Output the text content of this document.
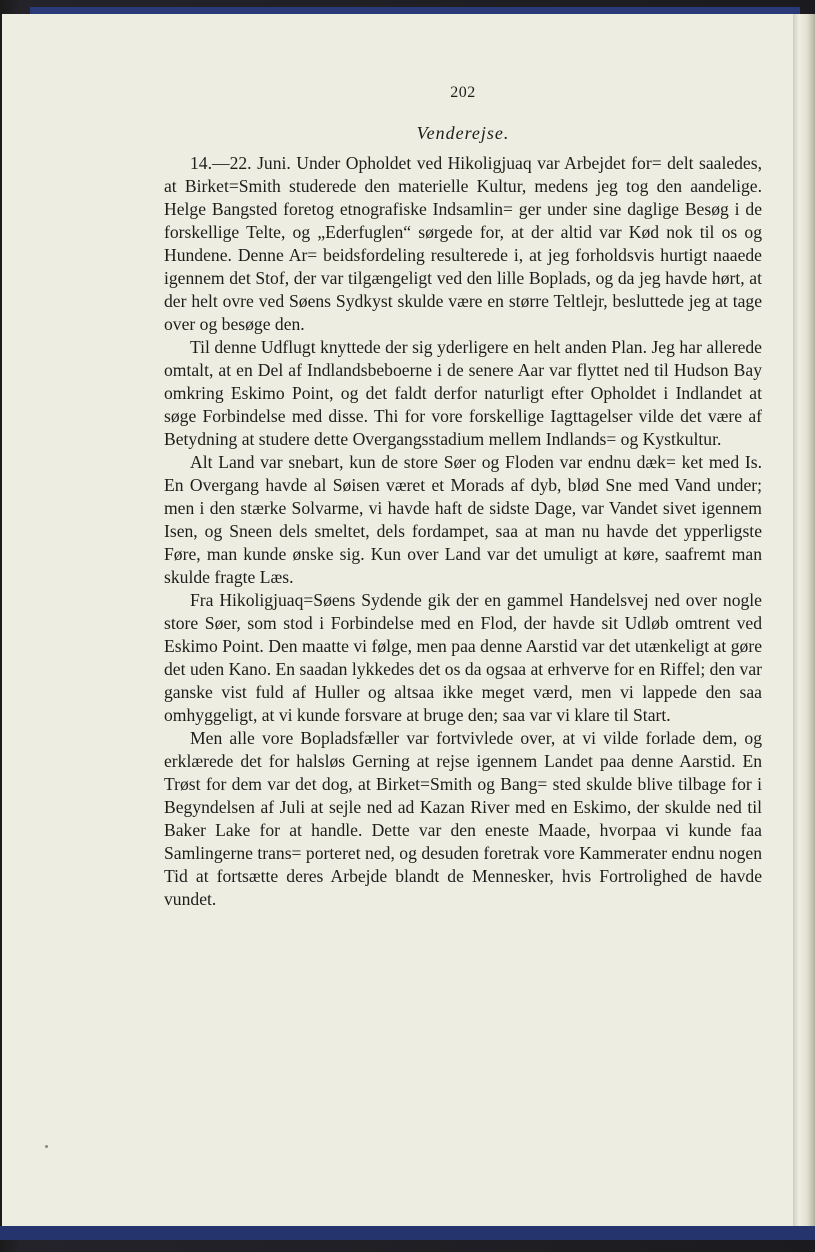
202
Venderejse.

14.—22. Juni. Under Opholdet ved Hikoligjuaq var Arbejdet for= delt saaledes, at Birket=Smith studerede den materielle Kultur, medens jeg tog den aandelige. Helge Bangsted foretog etnografiske Indsamlin= ger under sine daglige Besøg i de forskellige Telte, og „Ederfuglen“ sørgede for, at der altid var Kød nok til os og Hundene. Denne Ar= beidsfordeling resulterede i, at jeg forholdsvis hurtigt naaede igennem det Stof, der var tilgængeligt ved den lille Boplads, og da jeg havde hørt, at der helt ovre ved Søens Sydkyst skulde være en større Teltlejr, besluttede jeg at tage over og besøge den.

Til denne Udflugt knyttede der sig yderligere en helt anden Plan. Jeg har allerede omtalt, at en Del af Indlandsbeboerne i de senere Aar var flyttet ned til Hudson Bay omkring Eskimo Point, og det faldt derfor naturligt efter Opholdet i Indlandet at søge Forbindelse med disse. Thi for vore forskellige Iagttagelser vilde det være af Betydning at studere dette Overgangsstadium mellem Indlands= og Kystkultur.

Alt Land var snebart, kun de store Søer og Floden var endnu dæk= ket med Is. En Overgang havde al Søisen været et Morads af dyb, blød Sne med Vand under; men i den stærke Solvarme, vi havde haft de sidste Dage, var Vandet sivet igennem Isen, og Sneen dels smeltet, dels fordampet, saa at man nu havde det ypperligste Føre, man kunde ønske sig. Kun over Land var det umuligt at køre, saafremt man skulde fragte Læs.

Fra Hikoligjuaq=Søens Sydende gik der en gammel Handelsvej ned over nogle store Søer, som stod i Forbindelse med en Flod, der havde sit Udløb omtrent ved Eskimo Point. Den maatte vi følge, men paa denne Aarstid var det utænkeligt at gøre det uden Kano. En saadan lykkedes det os da ogsaa at erhverve for en Riffel; den var ganske vist fuld af Huller og altsaa ikke meget værd, men vi lappede den saa omhyggeligt, at vi kunde forsvare at bruge den; saa var vi klare til Start.

Men alle vore Bopladsfæller var fortvivlede over, at vi vilde forlade dem, og erklærede det for halsløs Gerning at rejse igennem Landet paa denne Aarstid. En Trøst for dem var det dog, at Birket=Smith og Bang= sted skulde blive tilbage for i Begyndelsen af Juli at sejle ned ad Kazan River med en Eskimo, der skulde ned til Baker Lake for at handle. Dette var den eneste Maade, hvorpaa vi kunde faa Samlingerne trans= porteret ned, og desuden foretrak vore Kammerater endnu nogen Tid at fortsætte deres Arbejde blandt de Mennesker, hvis Fortrolighed de havde vundet.
